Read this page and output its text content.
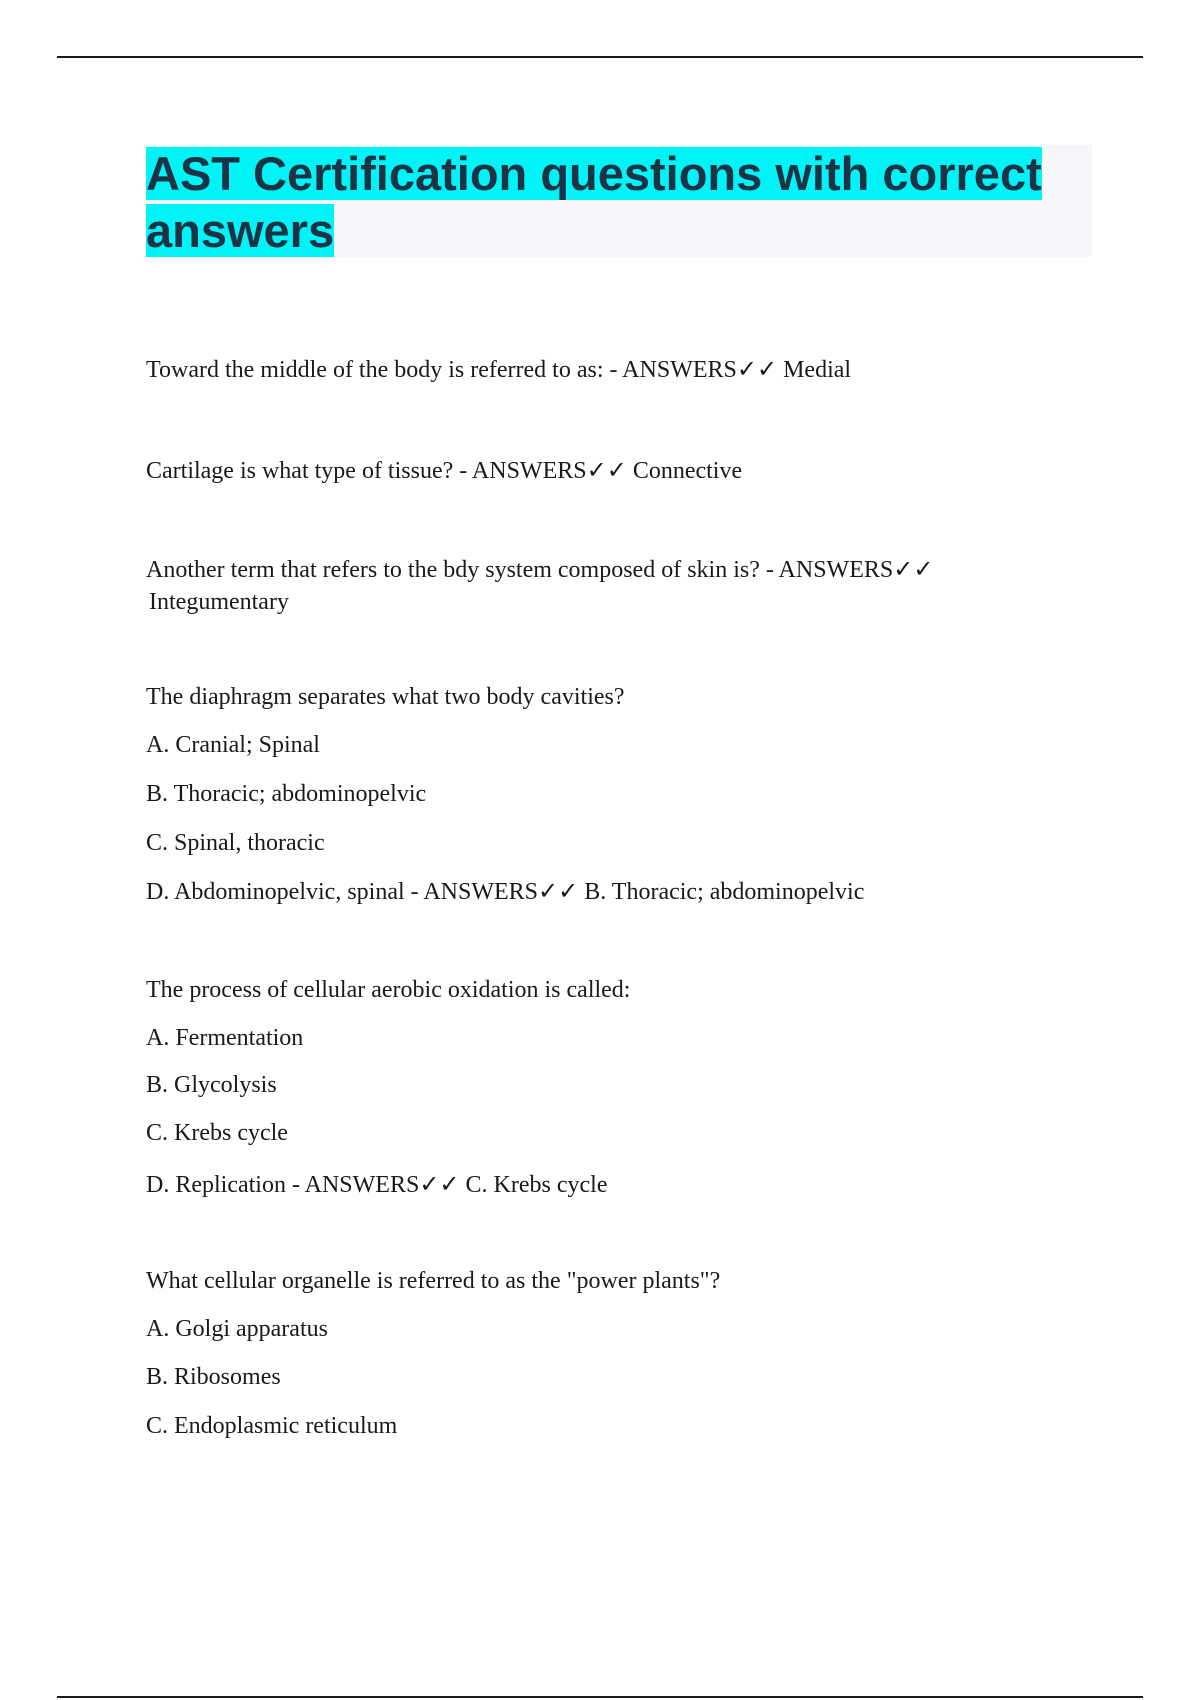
AST Certification questions with correct
answers
Toward the middle of the body is referred to as: - ANSWERS✓✓ Medial
Cartilage is what type of tissue? - ANSWERS✓✓ Connective
Another term that refers to the bdy system composed of skin is? - ANSWERS✓✓
Integumentary
The diaphragm separates what two body cavities?
A. Cranial; Spinal
B. Thoracic; abdominopelvic
C. Spinal, thoracic
D. Abdominopelvic, spinal - ANSWERS✓✓ B. Thoracic; abdominopelvic
The process of cellular aerobic oxidation is called:
A. Fermentation
B. Glycolysis
C. Krebs cycle
D. Replication - ANSWERS✓✓ C. Krebs cycle
What cellular organelle is referred to as the "power plants"?
A. Golgi apparatus
B. Ribosomes
C. Endoplasmic reticulum
